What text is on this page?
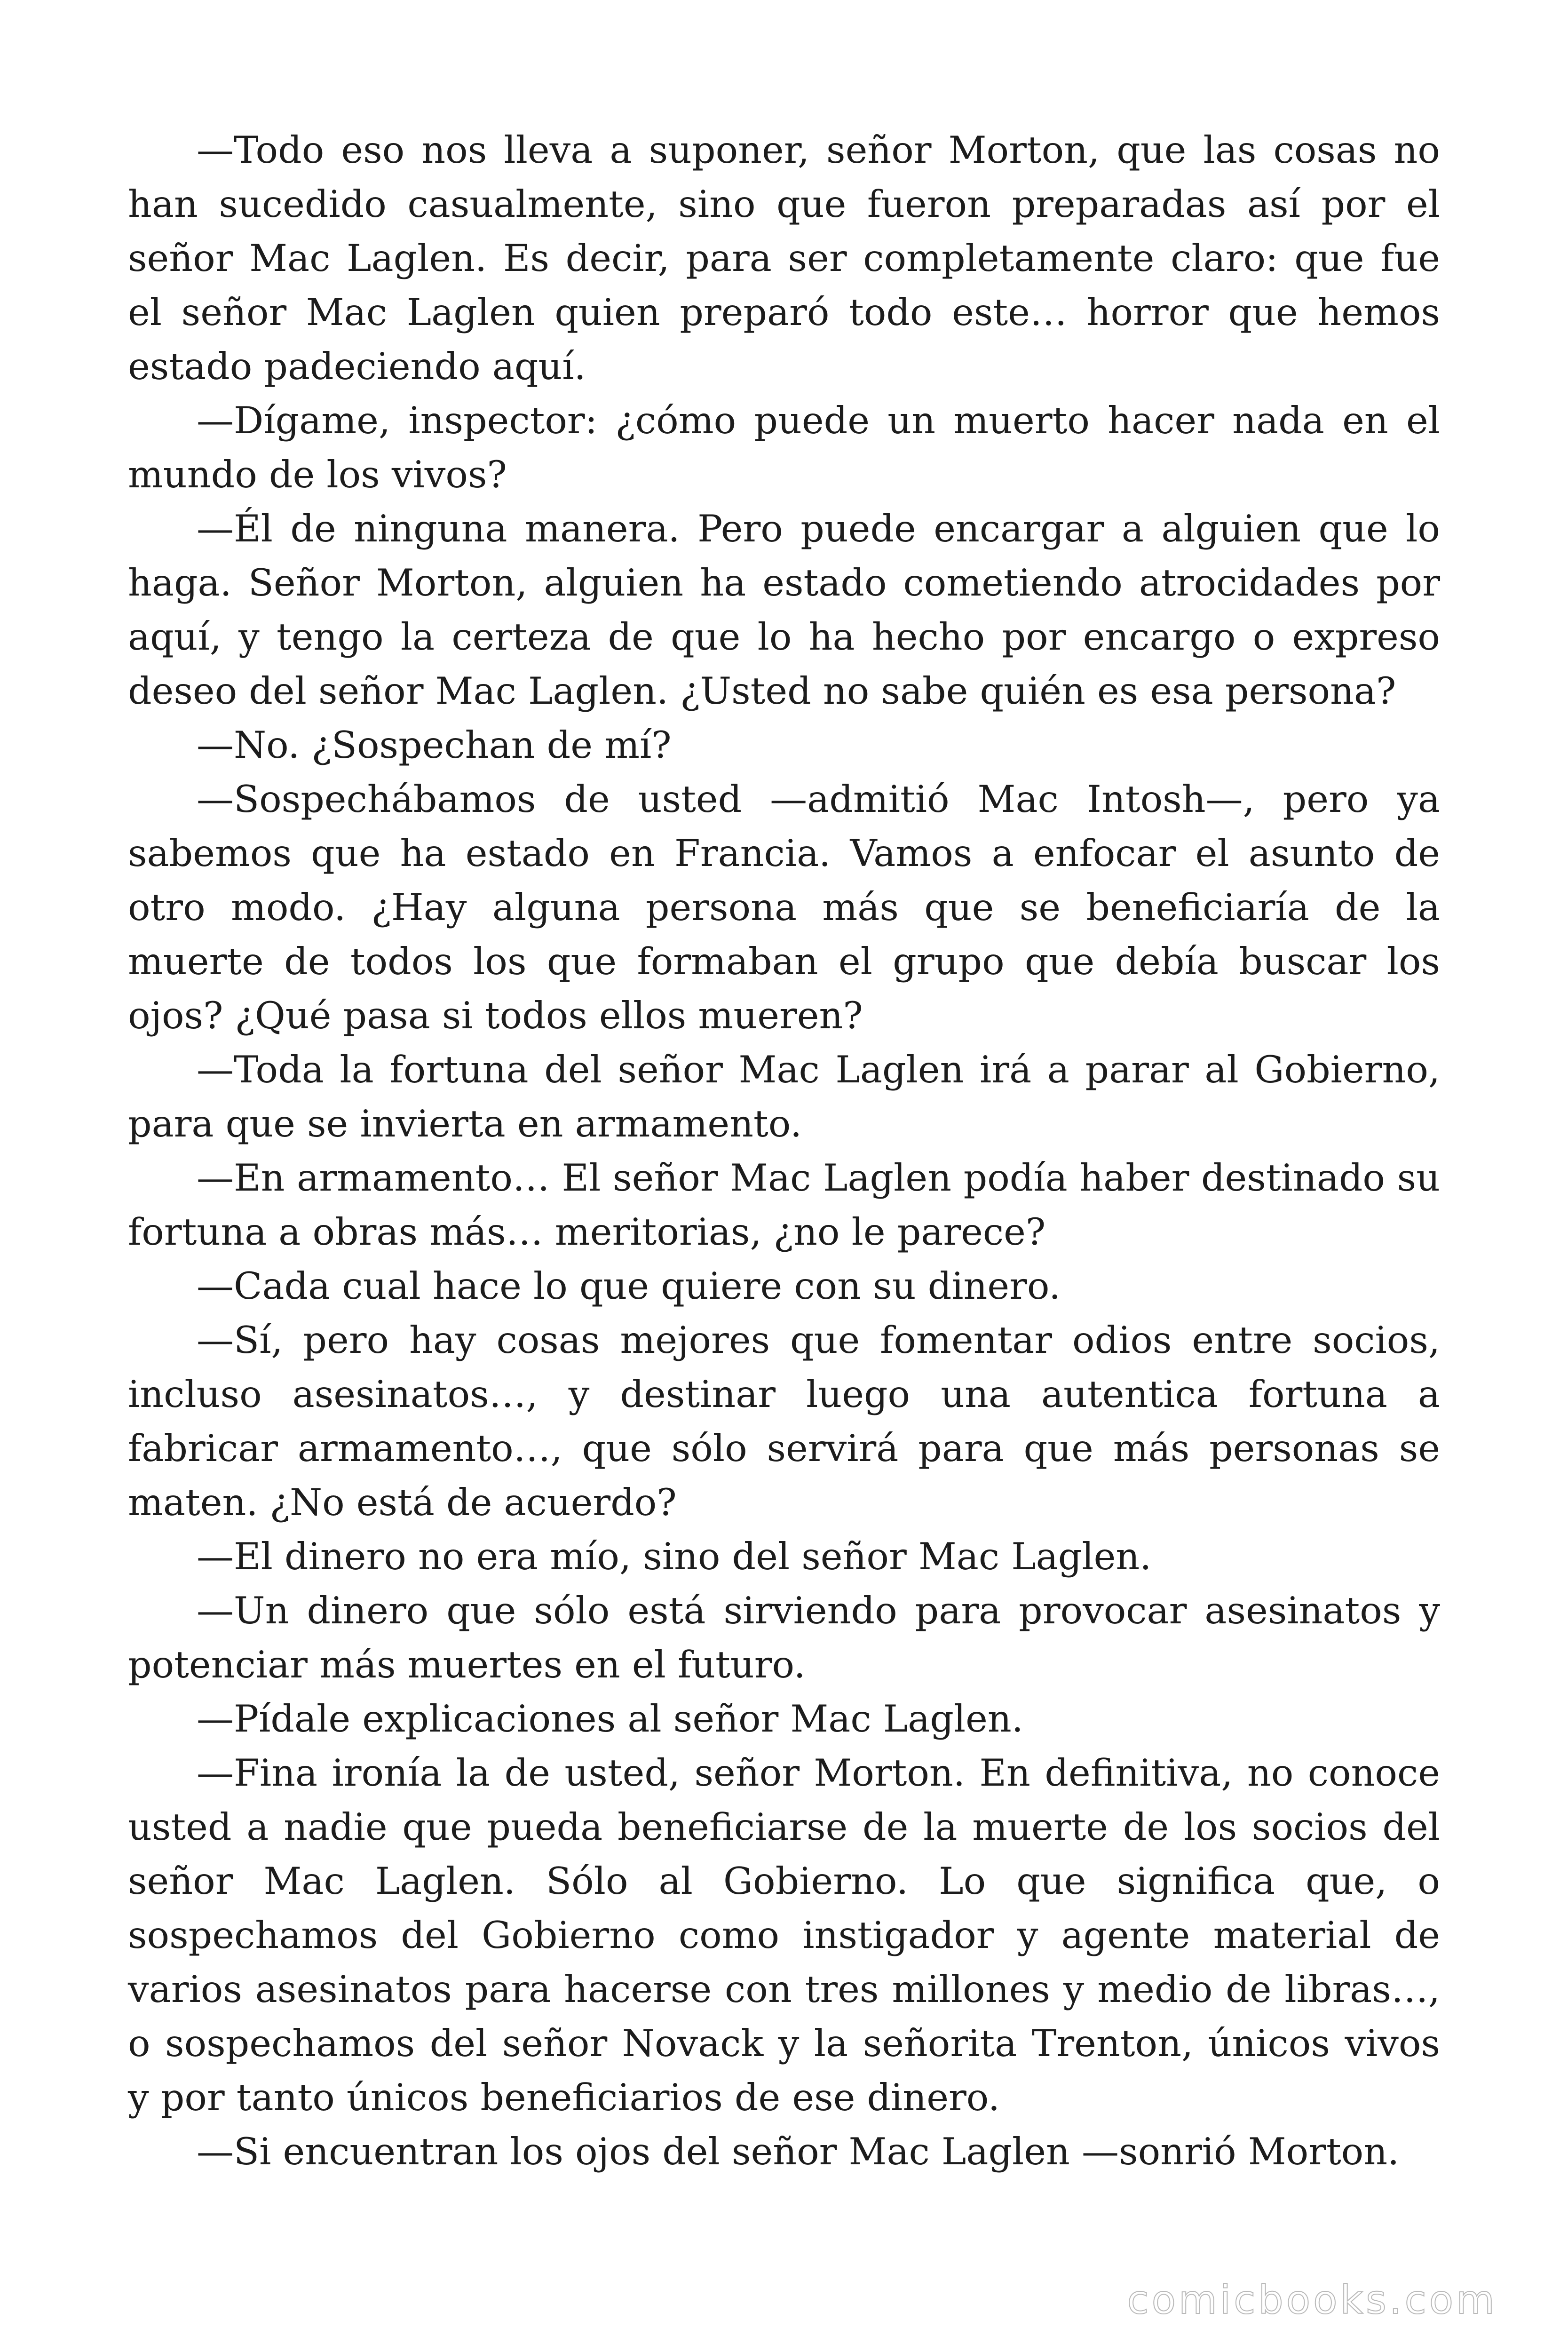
—Todo eso nos lleva a suponer, señor Morton, que las cosas no han sucedido casualmente, sino que fueron preparadas así por el señor Mac Laglen. Es decir, para ser completamente claro: que fue el señor Mac Laglen quien preparó todo este… horror que hemos estado padeciendo aquí.

—Dígame, inspector: ¿cómo puede un muerto hacer nada en el mundo de los vivos?

—Él de ninguna manera. Pero puede encargar a alguien que lo haga. Señor Morton, alguien ha estado cometiendo atrocidades por aquí, y tengo la certeza de que lo ha hecho por encargo o expreso deseo del señor Mac Laglen. ¿Usted no sabe quién es esa persona?

—No. ¿Sospechan de mí?

—Sospechábamos de usted —admitió Mac Intosh—, pero ya sabemos que ha estado en Francia. Vamos a enfocar el asunto de otro modo. ¿Hay alguna persona más que se beneficiaría de la muerte de todos los que formaban el grupo que debía buscar los ojos? ¿Qué pasa si todos ellos mueren?

—Toda la fortuna del señor Mac Laglen irá a parar al Gobierno, para que se invierta en armamento.

—En armamento… El señor Mac Laglen podía haber destinado su fortuna a obras más… meritorias, ¿no le parece?

—Cada cual hace lo que quiere con su dinero.

—Sí, pero hay cosas mejores que fomentar odios entre socios, incluso asesinatos…, y destinar luego una autentica fortuna a fabricar armamento…, que sólo servirá para que más personas se maten. ¿No está de acuerdo?

—El dinero no era mío, sino del señor Mac Laglen.

—Un dinero que sólo está sirviendo para provocar asesinatos y potenciar más muertes en el futuro.

—Pídale explicaciones al señor Mac Laglen.

—Fina ironía la de usted, señor Morton. En definitiva, no conoce usted a nadie que pueda beneficiarse de la muerte de los socios del señor Mac Laglen. Sólo al Gobierno. Lo que significa que, o sospechamos del Gobierno como instigador y agente material de varios asesinatos para hacerse con tres millones y medio de libras…, o sospechamos del señor Novack y la señorita Trenton, únicos vivos y por tanto únicos beneficiarios de ese dinero.

—Si encuentran los ojos del señor Mac Laglen —sonrió Morton.

comicbooks.com
